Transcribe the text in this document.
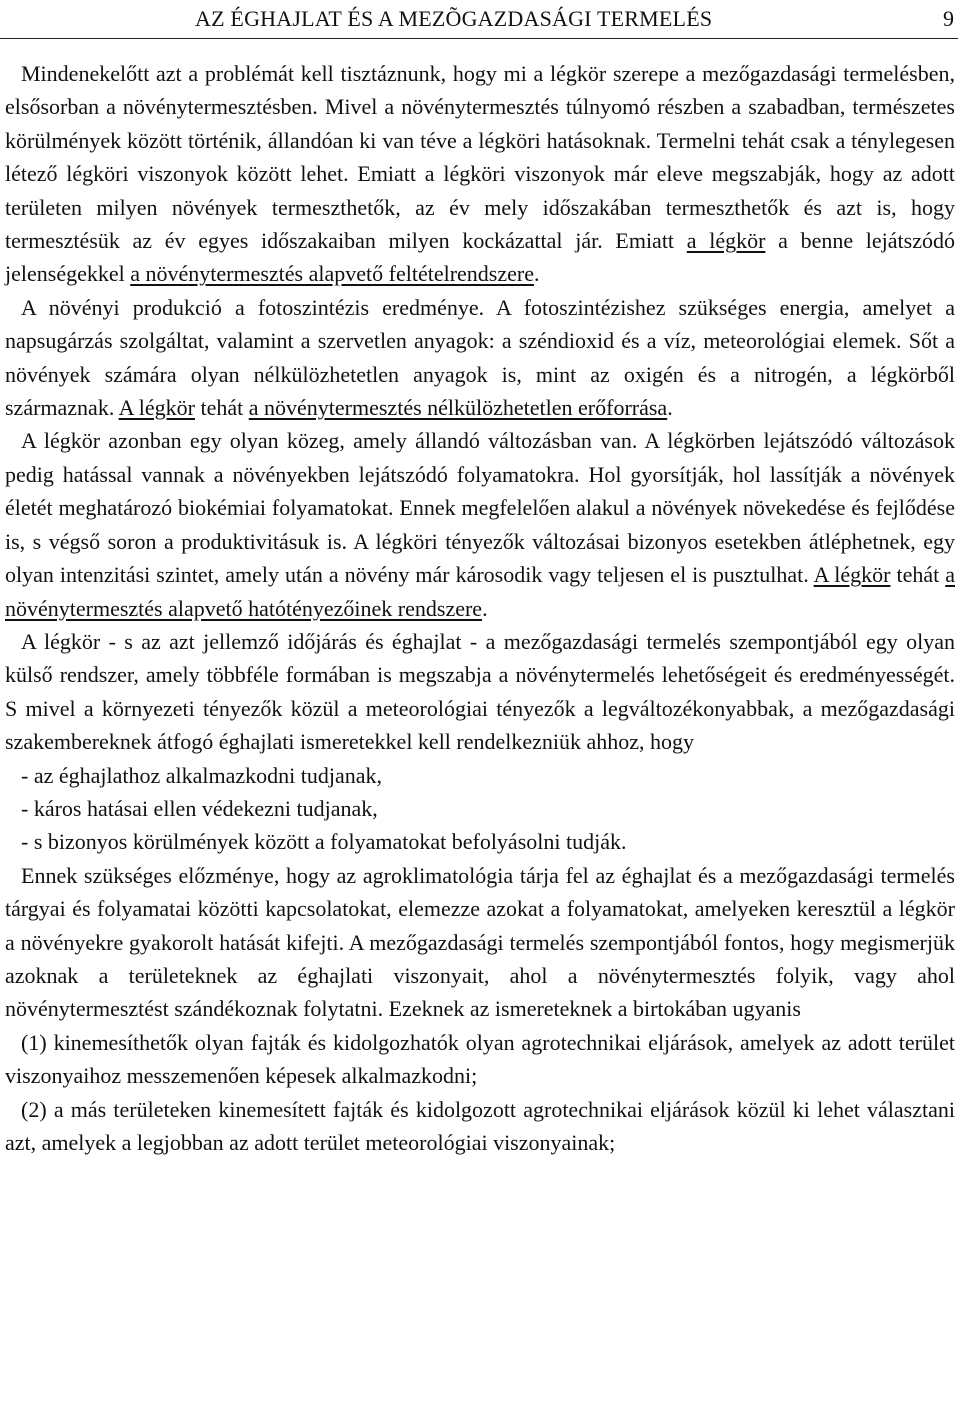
AZ ÉGHAJLAT ÉS A MEZÕGAZDASÁGI TERMELÉS	9

Mindenekelőtt azt a problémát kell tisztáznunk, hogy mi a légkör szerepe a mezőgazdasági termelésben, elsősorban a növénytermesztésben. Mivel a növénytermesztés túlnyomó részben a szabadban, természetes körülmények között történik, állandóan ki van téve a légköri hatásoknak. Termelni tehát csak a ténylegesen létező légköri viszonyok között lehet. Emiatt a légköri viszonyok már eleve megszabják, hogy az adott területen milyen növények termeszthetők, az év mely időszakában termeszthetők és azt is, hogy termesztésük az év egyes időszakaiban milyen kockázattal jár. Emiatt a légkör a benne lejátszódó jelenségekkel a növénytermesztés alapvető feltételrendszere.

A növényi produkció a fotoszintézis eredménye. A fotoszintézishez szükséges energia, amelyet a napsugárzás szolgáltat, valamint a szervetlen anyagok: a széndioxid és a víz, meteorológiai elemek. Sőt a növények számára olyan nélkülözhetetlen anyagok is, mint az oxigén és a nitrogén, a légkörből származnak. A légkör tehát a növénytermesztés nélkülözhetetlen erőforrása.

A légkör azonban egy olyan közeg, amely állandó változásban van. A légkörben lejátszódó változások pedig hatással vannak a növényekben lejátszódó folyamatokra. Hol gyorsítják, hol lassítják a növények életét meghatározó biokémiai folyamatokat. Ennek megfelelően alakul a növények növekedése és fejlődése is, s végső soron a produktivitásuk is. A légköri tényezők változásai bizonyos esetekben átléphetnek, egy olyan intenzitási szintet, amely után a növény már károsodik vagy teljesen el is pusztulhat. A légkör tehát a növénytermesztés alapvető hatótényezőinek rendszere.

A légkör - s az azt jellemző időjárás és éghajlat - a mezőgazdasági termelés szempontjából egy olyan külső rendszer, amely többféle formában is megszabja a növénytermelés lehetőségeit és eredményességét. S mivel a környezeti tényezők közül a meteorológiai tényezők a legváltozékonyabbak, a mezőgazdasági szakembereknek átfogó éghajlati ismeretekkel kell rendelkezniük ahhoz, hogy

- az éghajlathoz alkalmazkodni tudjanak,

- káros hatásai ellen védekezni tudjanak,

- s bizonyos körülmények között a folyamatokat befolyásolni tudják.

Ennek szükséges előzménye, hogy az agroklimatológia tárja fel az éghajlat és a mezőgazdasági termelés tárgyai és folyamatai közötti kapcsolatokat, elemezze azokat a folyamatokat, amelyeken keresztül a légkör a növényekre gyakorolt hatását kifejti. A mezőgazdasági termelés szempontjából fontos, hogy megismerjük azoknak a területeknek az éghajlati viszonyait, ahol a növénytermesztés folyik, vagy ahol növénytermesztést szándékoznak folytatni. Ezeknek az ismereteknek a birtokában ugyanis

(1) kinemesíthetők olyan fajták és kidolgozhatók olyan agrotechnikai eljárások, amelyek az adott terület viszonyaihoz messzemenően képesek alkalmazkodni;

(2) a más területeken kinemesített fajták és kidolgozott agrotechnikai eljárások közül ki lehet választani azt, amelyek a legjobban az adott terület meteorológiai viszonyainak;
